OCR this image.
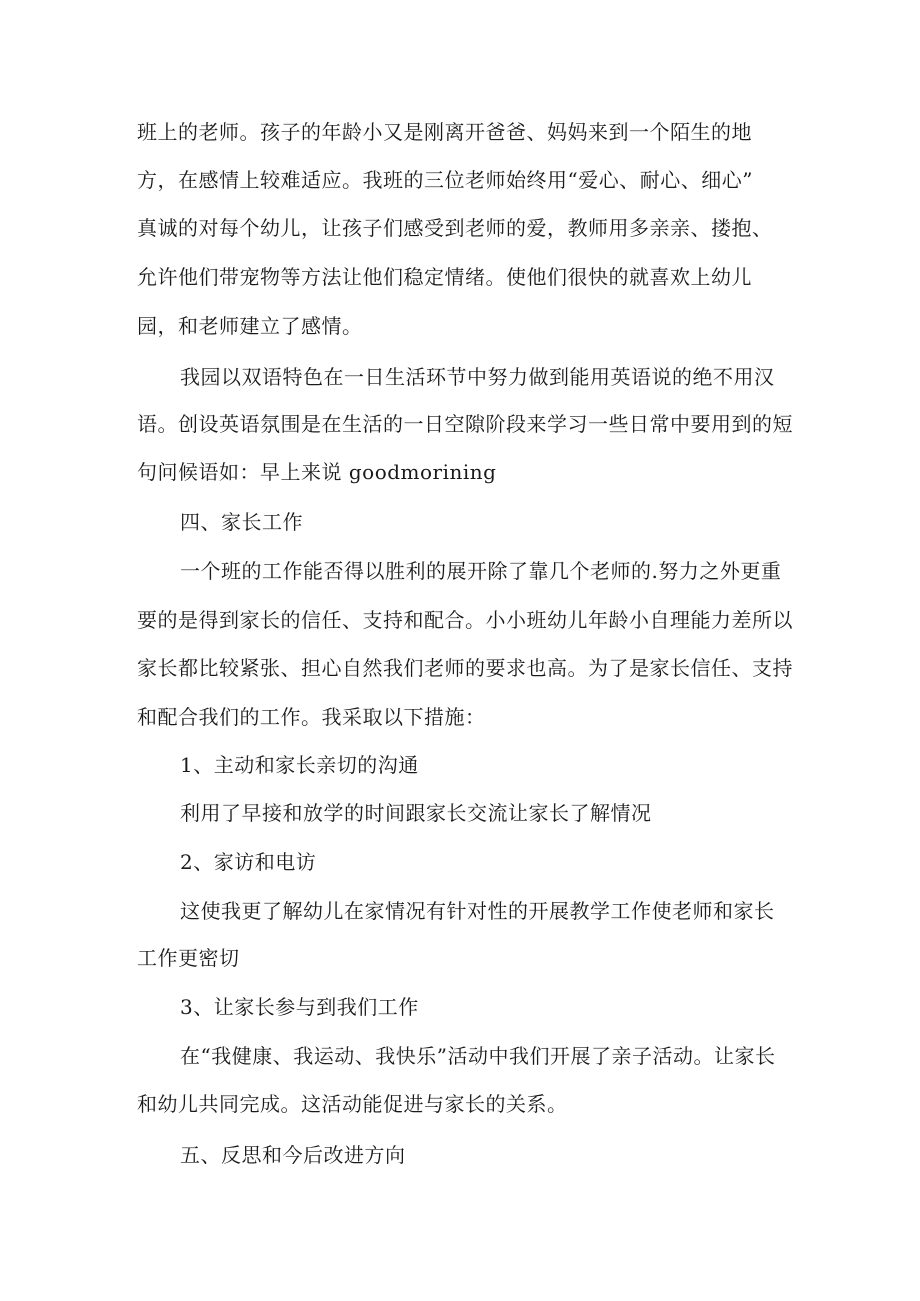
班上的老师。孩子的年龄小又是刚离开爸爸、妈妈来到一个陌生的地

方，在感情上较难适应。我班的三位老师始终用“爱心、耐心、细心”

真诚的对每个幼儿，让孩子们感受到老师的爱，教师用多亲亲、搂抱、

允许他们带宠物等方法让他们稳定情绪。使他们很快的就喜欢上幼儿

园，和老师建立了感情。

我园以双语特色在一日生活环节中努力做到能用英语说的绝不用汉

语。创设英语氛围是在生活的一日空隙阶段来学习一些日常中要用到的短

句问候语如：早上来说 goodmorining

四、家长工作

一个班的工作能否得以胜利的展开除了靠几个老师的.努力之外更重

要的是得到家长的信任、支持和配合。小小班幼儿年龄小自理能力差所以

家长都比较紧张、担心自然我们老师的要求也高。为了是家长信任、支持

和配合我们的工作。我采取以下措施：

1、主动和家长亲切的沟通

利用了早接和放学的时间跟家长交流让家长了解情况

2、家访和电访

这使我更了解幼儿在家情况有针对性的开展教学工作使老师和家长

工作更密切

3、让家长参与到我们工作

在“我健康、我运动、我快乐”活动中我们开展了亲子活动。让家长

和幼儿共同完成。这活动能促进与家长的关系。

五、反思和今后改进方向
